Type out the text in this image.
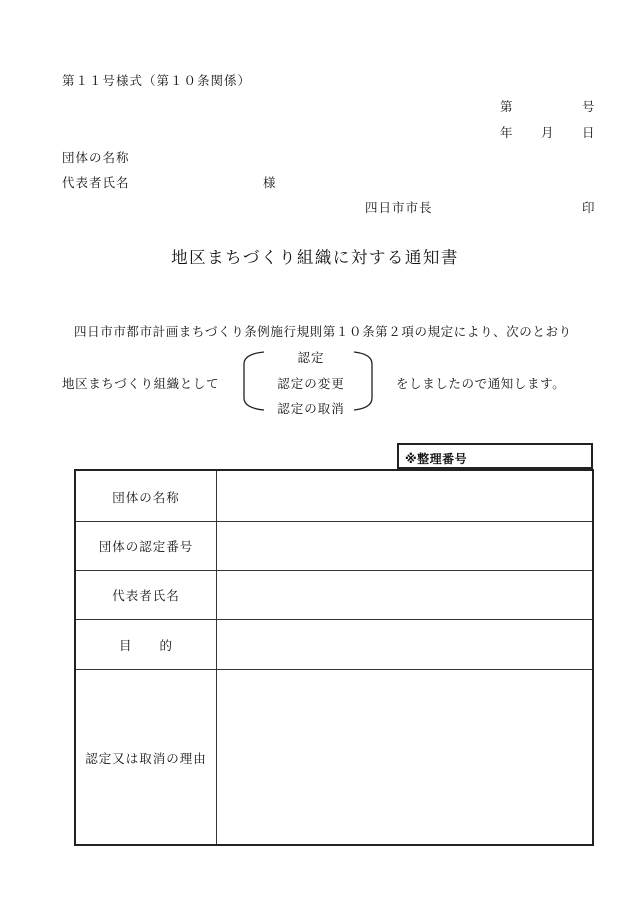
第１１号様式（第１０条関係）
第	号
年 月 日
団体の名称
代表者氏名	様
四日市市長	印
地区まちづくり組織に対する通知書
四日市市都市計画まちづくり条例施行規則第１０条第２項の規定により、次のとおり
地区まちづくり組織として
認定
認定の変更
認定の取消
をしましたので通知します。
※整理番号
団体の名称
団体の認定番号
代表者氏名
目　　的
認定又は取消の理由
